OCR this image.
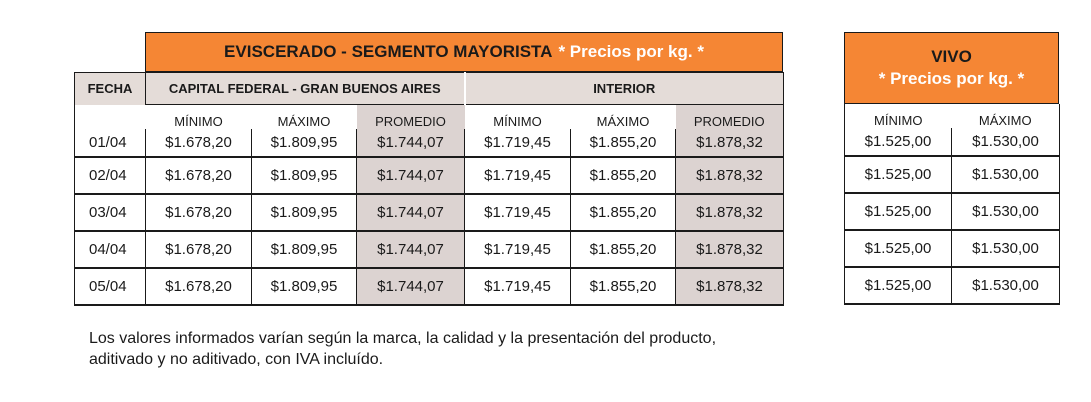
EVISCERADO - SEGMENTO MAYORISTA * Precios por kg. *	VIVO
* Precios por kg. *
FECHA	CAPITAL FEDERAL - GRAN BUENOS AIRES			INTERIOR		
	MÍNIMO	MÁXIMO	PROMEDIO	MÍNIMO	MÁXIMO	PROMEDIO
01/04	$1.678,20	$1.809,95	$1.744,07	$1.719,45	$1.855,20	$1.878,32
02/04	$1.678,20	$1.809,95	$1.744,07	$1.719,45	$1.855,20	$1.878,32
03/04	$1.678,20	$1.809,95	$1.744,07	$1.719,45	$1.855,20	$1.878,32
04/04	$1.678,20	$1.809,95	$1.744,07	$1.719,45	$1.855,20	$1.878,32
05/04	$1.678,20	$1.809,95	$1.744,07	$1.719,45	$1.855,20	$1.878,32
MÍNIMO	MÁXIMO
$1.525,00	$1.530,00
$1.525,00	$1.530,00
$1.525,00	$1.530,00
$1.525,00	$1.530,00
$1.525,00	$1.530,00
Los valores informados varían según la marca, la calidad y la presentación del producto,
aditivado y no aditivado, con IVA incluído.
